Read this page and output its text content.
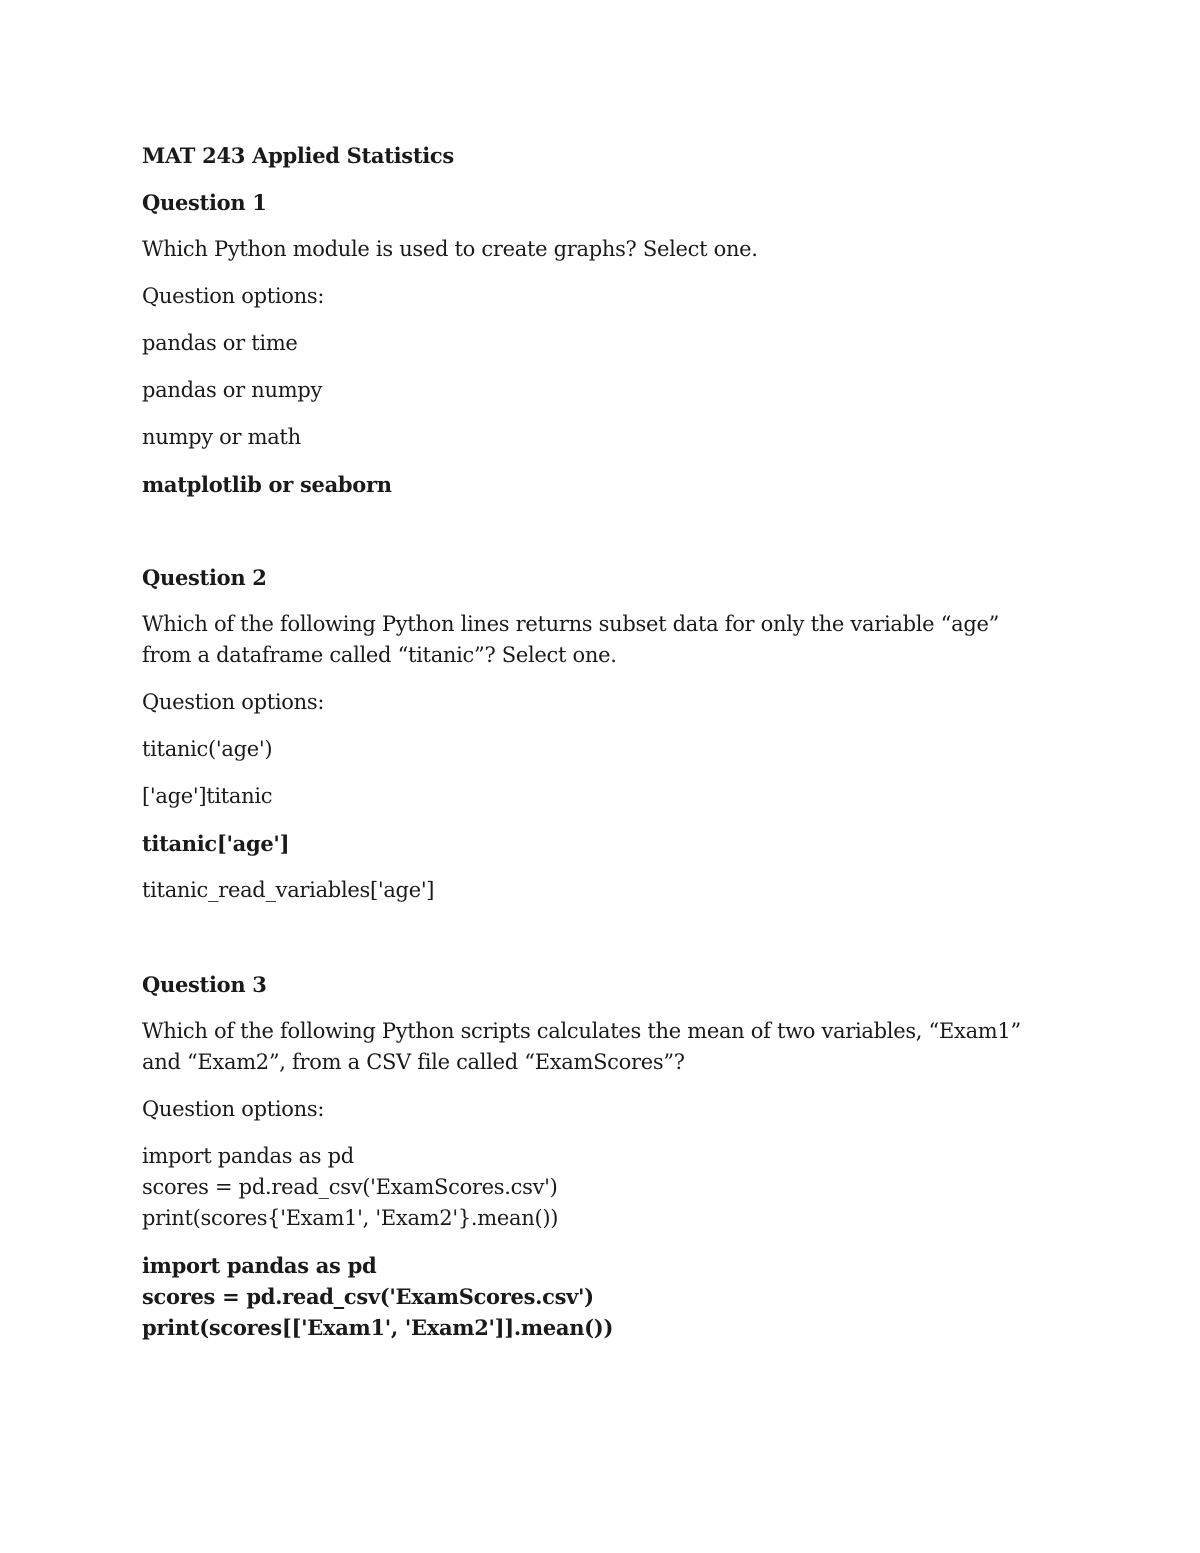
MAT 243 Applied Statistics
Question 1
Which Python module is used to create graphs? Select one.
Question options:
pandas or time
pandas or numpy
numpy or math
matplotlib or seaborn
Question 2
Which of the following Python lines returns subset data for only the variable “age” from a dataframe called “titanic”? Select one.
Question options:
titanic('age')
['age']titanic
titanic['age']
titanic_read_variables['age']
Question 3
Which of the following Python scripts calculates the mean of two variables, “Exam1” and “Exam2”, from a CSV file called “ExamScores”?
Question options:
import pandas as pd
scores = pd.read_csv('ExamScores.csv')
print(scores{'Exam1', 'Exam2'}.mean())
import pandas as pd
scores = pd.read_csv('ExamScores.csv')
print(scores[['Exam1', 'Exam2']].mean())
